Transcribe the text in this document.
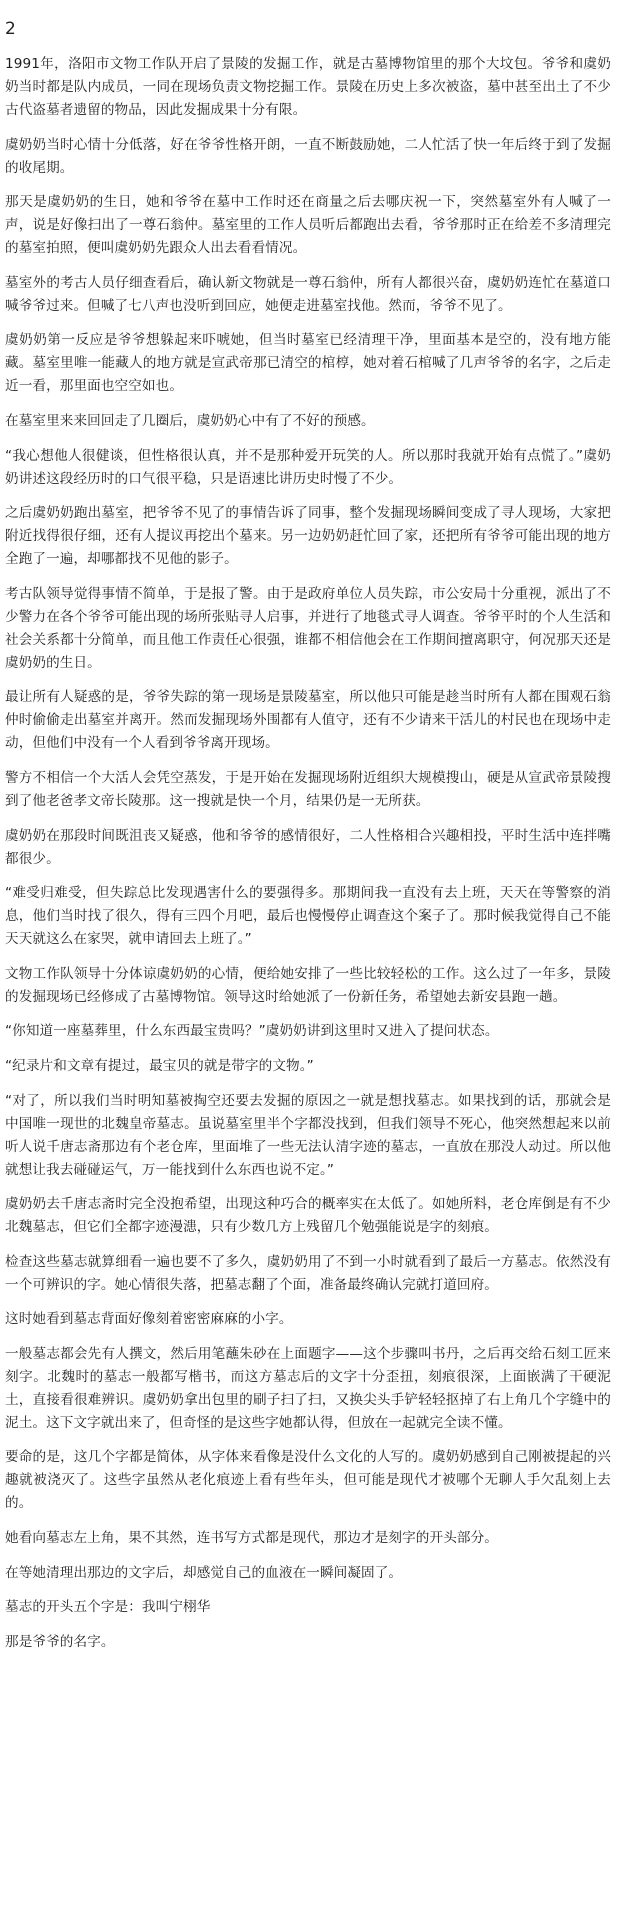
2

1991年，洛阳市文物工作队开启了景陵的发掘工作，就是古墓博物馆里的那个大坟包。爷爷和虞奶奶当时都是队内成员，一同在现场负责文物挖掘工作。景陵在历史上多次被盗，墓中甚至出土了不少古代盗墓者遗留的物品，因此发掘成果十分有限。

虞奶奶当时心情十分低落，好在爷爷性格开朗，一直不断鼓励她，二人忙活了快一年后终于到了发掘的收尾期。

那天是虞奶奶的生日，她和爷爷在墓中工作时还在商量之后去哪庆祝一下，突然墓室外有人喊了一声，说是好像扫出了一尊石翁仲。墓室里的工作人员听后都跑出去看，爷爷那时正在给差不多清理完的墓室拍照，便叫虞奶奶先跟众人出去看看情况。

墓室外的考古人员仔细查看后，确认新文物就是一尊石翁仲，所有人都很兴奋，虞奶奶连忙在墓道口喊爷爷过来。但喊了七八声也没听到回应，她便走进墓室找他。然而，爷爷不见了。

虞奶奶第一反应是爷爷想躲起来吓唬她，但当时墓室已经清理干净，里面基本是空的，没有地方能藏。墓室里唯一能藏人的地方就是宣武帝那已清空的棺椁，她对着石棺喊了几声爷爷的名字，之后走近一看，那里面也空空如也。

在墓室里来来回回走了几圈后，虞奶奶心中有了不好的预感。

“我心想他人很健谈，但性格很认真，并不是那种爱开玩笑的人。所以那时我就开始有点慌了。”虞奶奶讲述这段经历时的口气很平稳，只是语速比讲历史时慢了不少。

之后虞奶奶跑出墓室，把爷爷不见了的事情告诉了同事，整个发掘现场瞬间变成了寻人现场，大家把附近找得很仔细，还有人提议再挖出个墓来。另一边奶奶赶忙回了家，还把所有爷爷可能出现的地方全跑了一遍，却哪都找不见他的影子。

考古队领导觉得事情不简单，于是报了警。由于是政府单位人员失踪，市公安局十分重视，派出了不少警力在各个爷爷可能出现的场所张贴寻人启事，并进行了地毯式寻人调查。爷爷平时的个人生活和社会关系都十分简单，而且他工作责任心很强，谁都不相信他会在工作期间擅离职守，何况那天还是虞奶奶的生日。

最让所有人疑惑的是，爷爷失踪的第一现场是景陵墓室，所以他只可能是趁当时所有人都在围观石翁仲时偷偷走出墓室并离开。然而发掘现场外围都有人值守，还有不少请来干活儿的村民也在现场中走动，但他们中没有一个人看到爷爷离开现场。

警方不相信一个大活人会凭空蒸发，于是开始在发掘现场附近组织大规模搜山，硬是从宣武帝景陵搜到了他老爸孝文帝长陵那。这一搜就是快一个月，结果仍是一无所获。

虞奶奶在那段时间既沮丧又疑惑，他和爷爷的感情很好，二人性格相合兴趣相投，平时生活中连拌嘴都很少。

“难受归难受，但失踪总比发现遇害什么的要强得多。那期间我一直没有去上班，天天在等警察的消息，他们当时找了很久，得有三四个月吧，最后也慢慢停止调查这个案子了。那时候我觉得自己不能天天就这么在家哭，就申请回去上班了。”

文物工作队领导十分体谅虞奶奶的心情，便给她安排了一些比较轻松的工作。这么过了一年多，景陵的发掘现场已经修成了古墓博物馆。领导这时给她派了一份新任务，希望她去新安县跑一趟。

“你知道一座墓葬里，什么东西最宝贵吗？”虞奶奶讲到这里时又进入了提问状态。

“纪录片和文章有提过，最宝贝的就是带字的文物。”

“对了，所以我们当时明知墓被掏空还要去发掘的原因之一就是想找墓志。如果找到的话，那就会是中国唯一现世的北魏皇帝墓志。虽说墓室里半个字都没找到，但我们领导不死心，他突然想起来以前听人说千唐志斋那边有个老仓库，里面堆了一些无法认清字迹的墓志，一直放在那没人动过。所以他就想让我去碰碰运气，万一能找到什么东西也说不定。”

虞奶奶去千唐志斋时完全没抱希望，出现这种巧合的概率实在太低了。如她所料，老仓库倒是有不少北魏墓志，但它们全都字迹漫漶，只有少数几方上残留几个勉强能说是字的刻痕。

检查这些墓志就算细看一遍也要不了多久，虞奶奶用了不到一小时就看到了最后一方墓志。依然没有一个可辨识的字。她心情很失落，把墓志翻了个面，准备最终确认完就打道回府。

这时她看到墓志背面好像刻着密密麻麻的小字。

一般墓志都会先有人撰文，然后用笔蘸朱砂在上面题字——这个步骤叫书丹，之后再交给石刻工匠来刻字。北魏时的墓志一般都写楷书，而这方墓志后的文字十分歪扭，刻痕很深，上面嵌满了干硬泥土，直接看很难辨识。虞奶奶拿出包里的刷子扫了扫，又换尖头手铲轻轻抠掉了右上角几个字缝中的泥土。这下文字就出来了，但奇怪的是这些字她都认得，但放在一起就完全读不懂。

要命的是，这几个字都是简体，从字体来看像是没什么文化的人写的。虞奶奶感到自己刚被提起的兴趣就被浇灭了。这些字虽然从老化痕迹上看有些年头，但可能是现代才被哪个无聊人手欠乱刻上去的。

她看向墓志左上角，果不其然，连书写方式都是现代，那边才是刻字的开头部分。

在等她清理出那边的文字后，却感觉自己的血液在一瞬间凝固了。

墓志的开头五个字是：我叫宁栩华

那是爷爷的名字。
